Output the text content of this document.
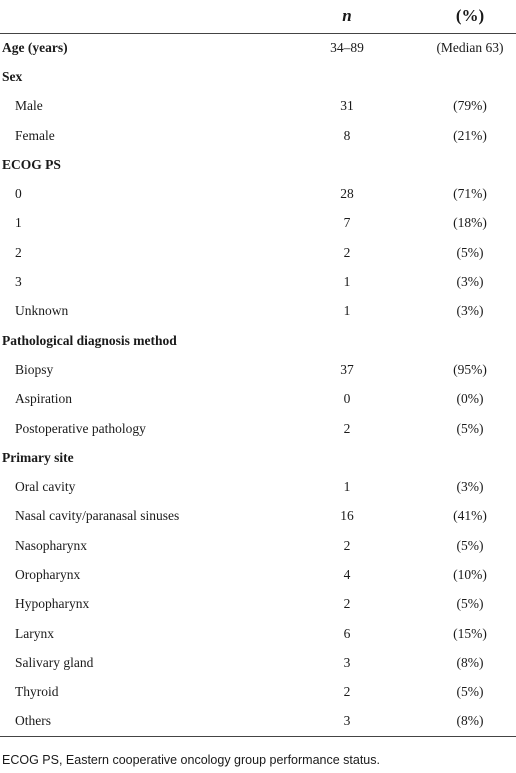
	n	(%)
Age (years)	34–89	(Median 63)
Sex		
Male	31	(79%)
Female	8	(21%)
ECOG PS		
0	28	(71%)
1	7	(18%)
2	2	(5%)
3	1	(3%)
Unknown	1	(3%)
Pathological diagnosis method		
Biopsy	37	(95%)
Aspiration	0	(0%)
Postoperative pathology	2	(5%)
Primary site		
Oral cavity	1	(3%)
Nasal cavity/paranasal sinuses	16	(41%)
Nasopharynx	2	(5%)
Oropharynx	4	(10%)
Hypopharynx	2	(5%)
Larynx	6	(15%)
Salivary gland	3	(8%)
Thyroid	2	(5%)
Others	3	(8%)
ECOG PS, Eastern cooperative oncology group performance status.
